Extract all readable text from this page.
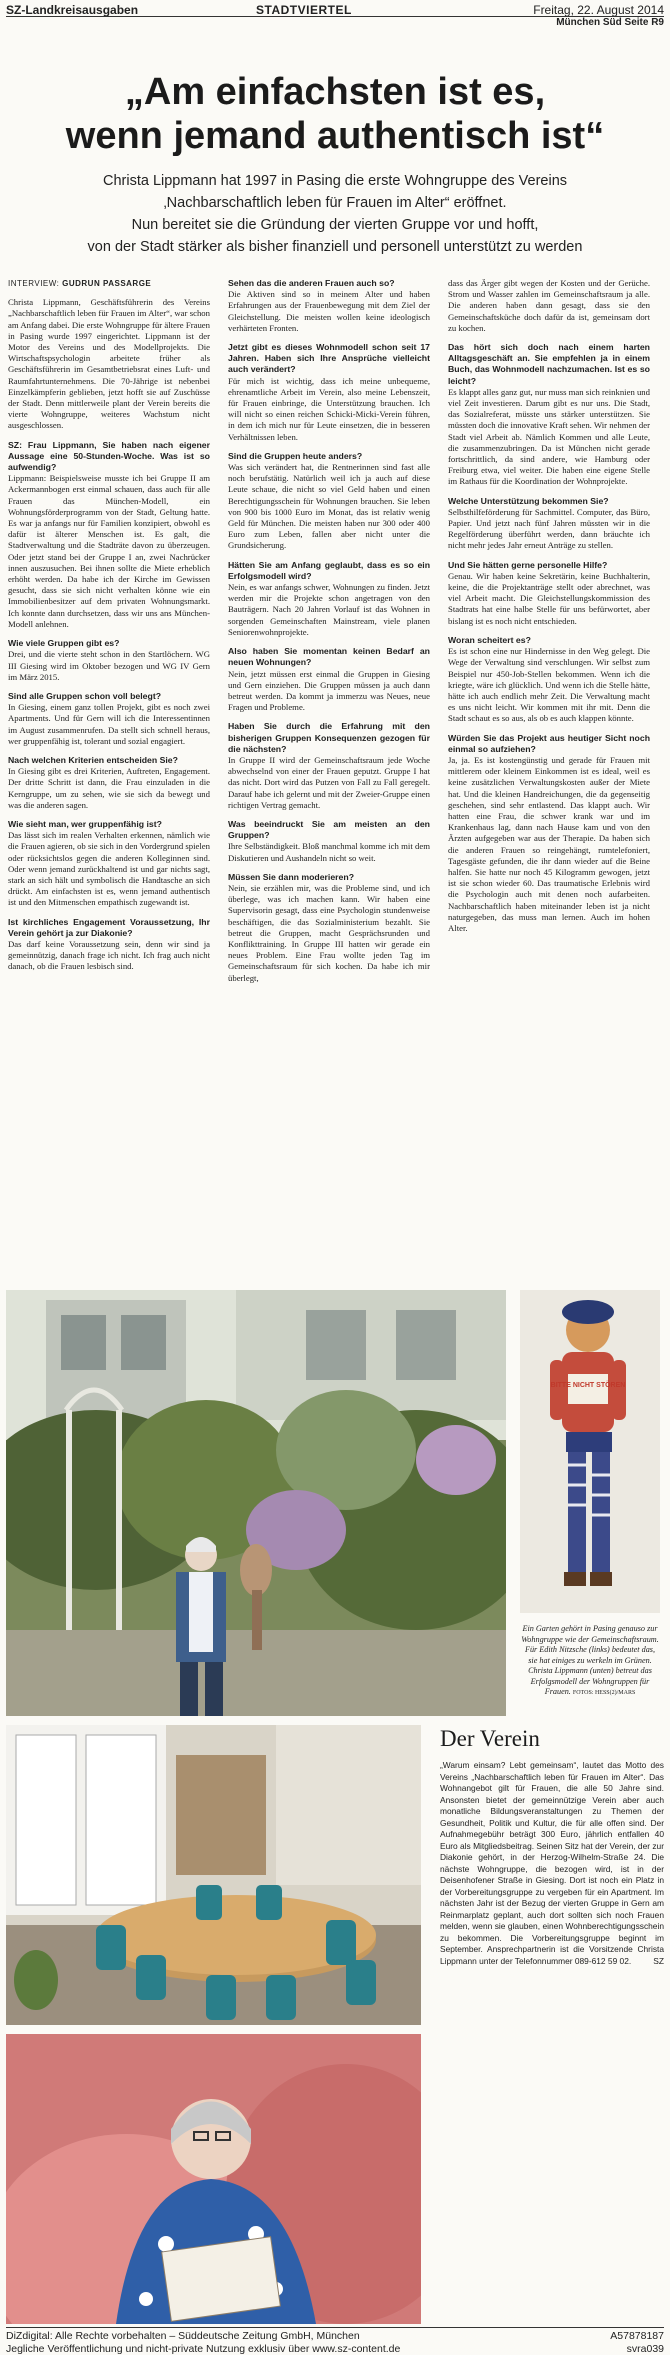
SZ-Landkreisausgaben	STADTVIERTEL	Freitag, 22. August 2014
München Süd Seite R9
„Am einfachsten ist es,
wenn jemand authentisch ist“
Christa Lippmann hat 1997 in Pasing die erste Wohngruppe des Vereins
‚Nachbarschaftlich leben für Frauen im Alter“ eröffnet.
Nun bereitet sie die Gründung der vierten Gruppe vor und hofft,
von der Stadt stärker als bisher finanziell und personell unterstützt zu werden

INTERVIEW: GUDRUN PASSARGE

Christa Lippmann, Geschäftsführerin des Vereins „Nachbarschaftlich leben für Frauen im Alter“, war schon am Anfang dabei. Die erste Wohngruppe für ältere Frauen in Pasing wurde 1997 eingerichtet. Lippmann ist der Motor des Vereins und des Modellprojekts. Die Wirtschaftspsychologin arbeitete früher als Geschäftsführerin im Gesamtbetriebsrat eines Luft- und Raumfahrtunternehmens. Die 70-Jährige ist nebenbei Einzelkämpferin geblieben, jetzt hofft sie auf Zuschüsse der Stadt. Denn mittlerweile plant der Verein bereits die vierte Wohngruppe, weiteres Wachstum nicht ausgeschlossen.

SZ: Frau Lippmann, Sie haben nach eigener Aussage eine 50-Stunden-Woche. Was ist so aufwendig?

Lippmann: Beispielsweise musste ich bei Gruppe II am Ackermannbogen erst einmal schauen, dass auch für alle Frauen das München-Modell, ein Wohnungsförderprogramm von der Stadt, Geltung hatte. Es war ja anfangs nur für Familien konzipiert, obwohl es dafür ist älterer Menschen ist. Es galt, die Stadtverwaltung und die Stadträte davon zu überzeugen. Oder jetzt stand bei der Gruppe I an, zwei Nachrücker innen auszusuchen. Bei ihnen sollte die Miete erheblich erhöht werden. Da habe ich der Kirche im Gewissen gesucht, dass sie sich nicht verhalten könne wie ein Immobilienbesitzer auf dem privaten Wohnungsmarkt. Ich konnte dann durchsetzen, dass wir uns ans München-Modell anlehnen.

Wie viele Gruppen gibt es?

Drei, und die vierte steht schon in den Startlöchern. WG III Giesing wird im Oktober bezogen und WG IV Gern im März 2015.

Sind alle Gruppen schon voll belegt?

In Giesing, einem ganz tollen Projekt, gibt es noch zwei Apartments. Und für Gern will ich die Interessentinnen im August zusammenrufen. Da stellt sich schnell heraus, wer gruppenfähig ist, tolerant und sozial engagiert.

Nach welchen Kriterien entscheiden Sie?

In Giesing gibt es drei Kriterien, Auftreten, Engagement. Der dritte Schritt ist dann, die Frau einzuladen in die Kerngruppe, um zu sehen, wie sie sich da bewegt und was die anderen sagen.

Wie sieht man, wer gruppenfähig ist?

Das lässt sich im realen Verhalten erkennen, nämlich wie die Frauen agieren, ob sie sich in den Vordergrund spielen oder rücksichtslos gegen die anderen Kolleginnen sind. Oder wenn jemand zurückhaltend ist und gar nichts sagt, stark an sich hält und symbolisch die Handtasche an sich drückt. Am einfachsten ist es, wenn jemand authentisch ist und den Mitmenschen empathisch zugewandt ist.

Ist kirchliches Engagement Voraussetzung, Ihr Verein gehört ja zur Diakonie?

Das darf keine Voraussetzung sein, denn wir sind ja gemeinnützig, danach frage ich nicht. Ich frag auch nicht danach, ob die Frauen lesbisch sind.

Sehen das die anderen Frauen auch so?

Die Aktiven sind so in meinem Alter und haben Erfahrungen aus der Frauenbewegung mit dem Ziel der Gleichstellung. Die meisten wollen keine ideologisch verhärteten Fronten.

Jetzt gibt es dieses Wohnmodell schon seit 17 Jahren. Haben sich Ihre Ansprüche vielleicht auch verändert?

Für mich ist wichtig, dass ich meine unbequeme, ehrenamtliche Arbeit im Verein, also meine Lebenszeit, für Frauen einbringe, die Unterstützung brauchen. Ich will nicht so einen reichen Schicki-Micki-Verein führen, in dem ich mich nur für Leute einsetzen, die in besseren Verhältnissen leben.

Sind die Gruppen heute anders?

Was sich verändert hat, die Rentnerinnen sind fast alle noch berufstätig. Natürlich weil ich ja auch auf diese Leute schaue, die nicht so viel Geld haben und einen Berechtigungsschein für Wohnungen brauchen. Sie leben von 900 bis 1000 Euro im Monat, das ist relativ wenig Geld für München. Die meisten haben nur 300 oder 400 Euro zum Leben, fallen aber nicht unter die Grundsicherung.

Hätten Sie am Anfang geglaubt, dass es so ein Erfolgsmodell wird?

Nein, es war anfangs schwer, Wohnungen zu finden. Jetzt werden mir die Projekte schon angetragen von den Bauträgern. Nach 20 Jahren Vorlauf ist das Wohnen in sorgenden Gemeinschaften Mainstream, viele planen Seniorenwohnprojekte.

Also haben Sie momentan keinen Bedarf an neuen Wohnungen?

Nein, jetzt müssen erst einmal die Gruppen in Giesing und Gern einziehen. Die Gruppen müssen ja auch dann betreut werden. Da kommt ja immerzu was Neues, neue Fragen und Probleme.

Haben Sie durch die Erfahrung mit den bisherigen Gruppen Konsequenzen gezogen für die nächsten?

In Gruppe II wird der Gemeinschaftsraum jede Woche abwechselnd von einer der Frauen geputzt. Gruppe I hat das nicht. Dort wird das Putzen von Fall zu Fall geregelt. Darauf habe ich gelernt und mit der Zweier-Gruppe einen richtigen Vertrag gemacht.

Was beeindruckt Sie am meisten an den Gruppen?

Ihre Selbständigkeit. Bloß manchmal komme ich mit dem Diskutieren und Aushandeln nicht so weit.

Müssen Sie dann moderieren?

Nein, sie erzählen mir, was die Probleme sind, und ich überlege, was ich machen kann. Wir haben eine Supervisorin gesagt, dass eine Psychologin stundenweise beschäftigen, die das Sozialministerium bezahlt. Sie betreut die Gruppen, macht Gesprächsrunden und Konflikttraining. In Gruppe III hatten wir gerade ein neues Problem. Eine Frau wollte jeden Tag im Gemeinschaftsraum für sich kochen. Da habe ich mir überlegt,

dass das Ärger gibt wegen der Kosten und der Gerüche. Strom und Wasser zahlen im Gemeinschaftsraum ja alle. Die anderen haben dann gesagt, dass sie den Gemeinschaftsküche doch dafür da ist, gemeinsam dort zu kochen.

Das hört sich doch nach einem harten Alltagsgeschäft an. Sie empfehlen ja in einem Buch, das Wohnmodell nachzumachen. Ist es so leicht?

Es klappt alles ganz gut, nur muss man sich reinknien und viel Zeit investieren. Darum gibt es nur uns. Die Stadt, das Sozialreferat, müsste uns stärker unterstützen. Sie müssten doch die innovative Kraft sehen. Wir nehmen der Stadt viel Arbeit ab. Nämlich Kommen und alle Leute, die zusammenzubringen. Da ist München nicht gerade fortschrittlich, da sind andere, wie Hamburg oder Freiburg etwa, viel weiter. Die haben eine eigene Stelle im Rathaus für die Koordination der Wohnprojekte.

Welche Unterstützung bekommen Sie?

Selbsthilfeförderung für Sachmittel. Computer, das Büro, Papier. Und jetzt nach fünf Jahren müssten wir in die Regelförderung überführt werden, dann bräuchte ich nicht mehr jedes Jahr erneut Anträge zu stellen.

Und Sie hätten gerne personelle Hilfe?

Genau. Wir haben keine Sekretärin, keine Buchhalterin, keine, die die Projektanträge stellt oder abrechnet, was viel Arbeit macht. Die Gleichstellungskommission des Stadtrats hat eine halbe Stelle für uns befürwortet, aber bislang ist es noch nicht entschieden.

Woran scheitert es?

Es ist schon eine nur Hindernisse in den Weg gelegt. Die Wege der Verwaltung sind verschlungen. Wir selbst zum Beispiel nur 450-Job-Stellen bekommen. Wenn ich die kriegte, wäre ich glücklich. Und wenn ich die Stelle hätte, hätte ich auch endlich mehr Zeit. Die Verwaltung macht es uns nicht leicht. Wir kommen mit ihr mit. Denn die Stadt schaut es so aus, als ob es auch klappen könnte.

Würden Sie das Projekt aus heutiger Sicht noch einmal so aufziehen?

Ja, ja. Es ist kostengünstig und gerade für Frauen mit mittlerem oder kleinem Einkommen ist es ideal, weil es keine zusätzlichen Verwaltungskosten außer der Miete hat. Und die kleinen Handreichungen, die da gegenseitig geschehen, sind sehr entlastend. Das klappt auch. Wir hatten eine Frau, die schwer krank war und im Krankenhaus lag, dann nach Hause kam und von den Ärzten aufgegeben war aus der Therapie. Da haben sich die anderen Frauen so reingehängt, rumtelefoniert, Tagesgäste gefunden, die ihr dann wieder auf die Beine halfen. Sie hatte nur noch 45 Kilogramm gewogen, jetzt ist sie schon wieder 60. Das traumatische Erlebnis wird die Psychologin auch mit denen noch aufarbeiten. Nachbarschaftlich haben miteinander leben ist ja nicht naturgegeben, das muss man lernen. Auch im hohen Alter.

BITTE NICHT STÖREN
Ein Garten gehört in Pasing genauso zur Wohngruppe wie der Gemeinschaftsraum. Für Edith Nitzsche (links) bedeutet das, sie hat einiges zu werkeln im Grünen. Christa Lippmann (unten) betreut das Erfolgsmodell der Wohngruppen für Frauen. FOTOS: HESS(2)/MARS
Der Verein
„Warum einsam? Lebt gemeinsam“, lautet das Motto des Vereins „Nachbarschaftlich leben für Frauen im Alter“. Das Wohnangebot gilt für Frauen, die alle 50 Jahre sind. Ansonsten bietet der gemeinnützige Verein aber auch monatliche Bildungsveranstaltungen zu Themen der Gesundheit, Politik und Kultur, die für alle offen sind. Der Aufnahmegebühr beträgt 300 Euro, jährlich entfallen 40 Euro als Mitgliedsbeitrag. Seinen Sitz hat der Verein, der zur Diakonie gehört, in der Herzog-Wilhelm-Straße 24. Die nächste Wohngruppe, die bezogen wird, ist in der Deisenhofener Straße in Giesing. Dort ist noch ein Platz in der Vorbereitungsgruppe zu vergeben für ein Apartment. Im nächsten Jahr ist der Bezug der vierten Gruppe in Gern am Reinmarplatz geplant, auch dort sollten sich noch Frauen melden, wenn sie glauben, einen Wohnberechtigungsschein zu bekommen. Die Vorbereitungsgruppe beginnt im September. Ansprechpartnerin ist die Vorsitzende Christa Lippmann unter der Telefonnummer 089-612 59 02.	SZ
DiZdigital: Alle Rechte vorbehalten – Süddeutsche Zeitung GmbH, München
Jegliche Veröffentlichung und nicht-private Nutzung exklusiv über www.sz-content.de
A57878187
svra039
